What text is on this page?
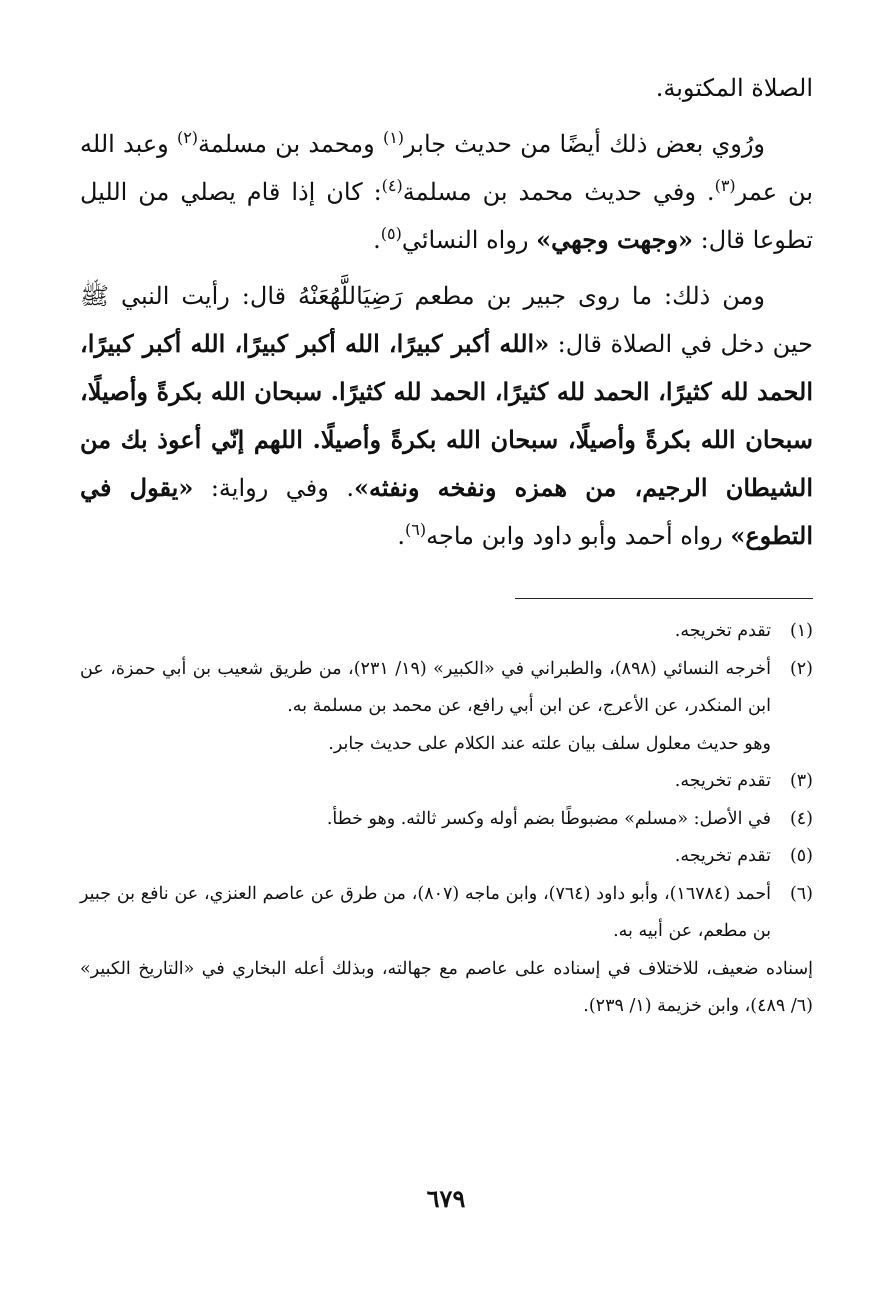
الصلاة المكتوبة.

ورُوي بعض ذلك أيضًا من حديث جابر$^{(١)}$ ومحمد بن مسلمة$^{(٢)}$ وعبد الله بن عمر$^{(٣)}$. وفي حديث محمد بن مسلمة$^{(٤)}$: كان إذا قام يصلي من الليل تطوعا قال: «وجهت وجهي» رواه النسائي$^{(٥)}$.

ومن ذلك: ما روى جبير بن مطعم رَضِيَاللَّهُعَنْهُ قال: رأيت النبي ﷺ حين دخل في الصلاة قال: «الله أكبر كبيرًا، الله أكبر كبيرًا، الله أكبر كبيرًا، الحمد لله كثيرًا، الحمد لله كثيرًا، الحمد لله كثيرًا. سبحان الله بكرةً وأصيلًا، سبحان الله بكرةً وأصيلًا، سبحان الله بكرةً وأصيلًا. اللهم إنّي أعوذ بك من الشيطان الرجيم، من همزه ونفخه ونفثه». وفي رواية: «يقول في التطوع» رواه أحمد وأبو داود وابن ماجه$^{(٦)}$.

(١)
تقدم تخريجه.
(٢)
أخرجه النسائي (٨٩٨)، والطبراني في «الكبير» (١٩/ ٢٣١)، من طريق شعيب بن أبي حمزة، عن ابن المنكدر، عن الأعرج، عن ابن أبي رافع، عن محمد بن مسلمة به.
وهو حديث معلول سلف بيان علته عند الكلام على حديث جابر.
(٣)
تقدم تخريجه.
(٤)
في الأصل: «مسلم» مضبوطًا بضم أوله وكسر ثالثه. وهو خطأ.
(٥)
تقدم تخريجه.
(٦)
أحمد (١٦٧٨٤)، وأبو داود (٧٦٤)، وابن ماجه (٨٠٧)، من طرق عن عاصم العنزي، عن نافع بن جبير بن مطعم، عن أبيه به.
إسناده ضعيف، للاختلاف في إسناده على عاصم مع جهالته، وبذلك أعله البخاري في «التاريخ الكبير» (٦/ ٤٨٩)، وابن خزيمة (١/ ٢٣٩).
٦٧٩
